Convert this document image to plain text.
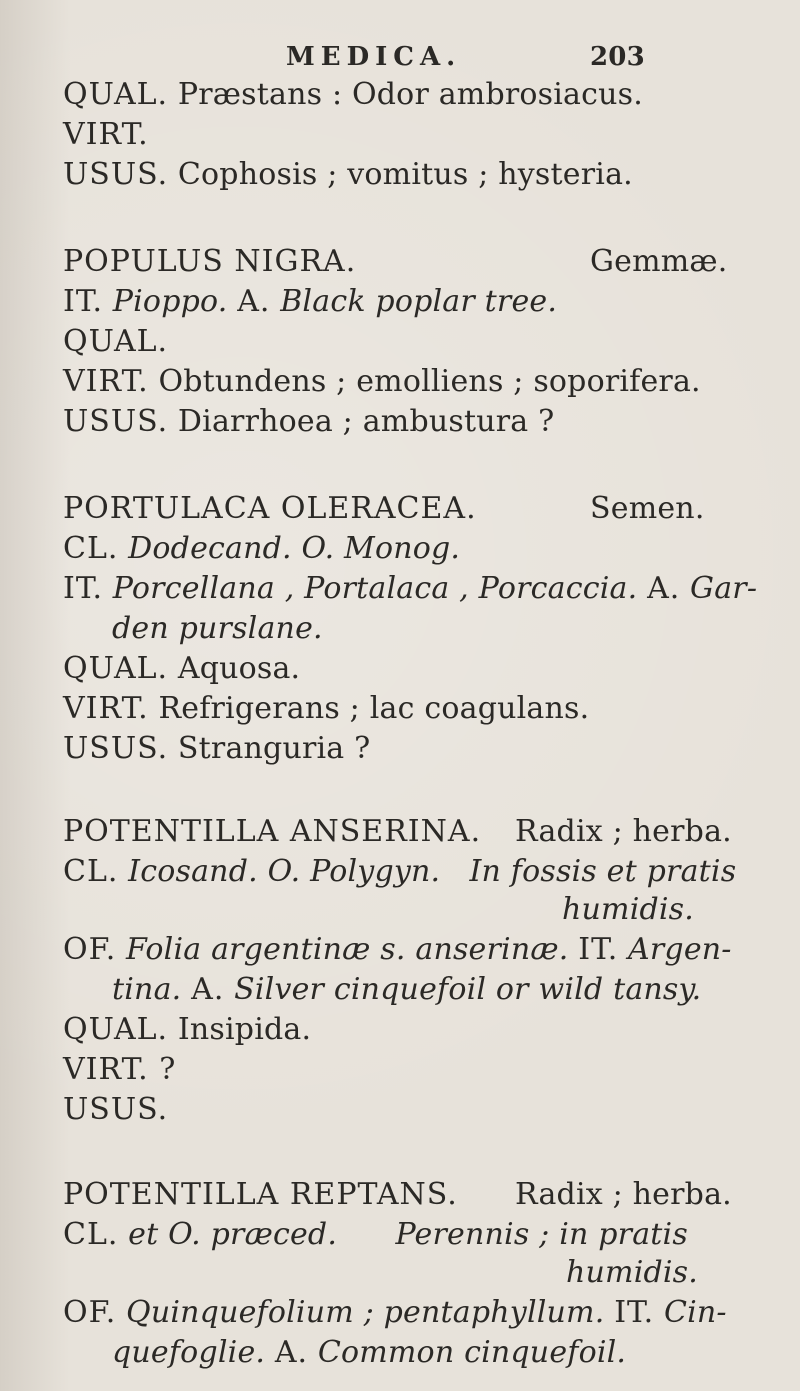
MEDICA.	203
QUAL. Præstans : Odor ambrosiacus.
VIRT.
USUS. Cophosis ; vomitus ; hysteria.
POPULUS NIGRA.	Gemmæ.
IT. Pioppo. A. Black poplar tree.
QUAL.
VIRT. Obtundens ; emolliens ; soporifera.
USUS. Diarrhoea ; ambustura ?
PORTULACA OLERACEA.	Semen.
CL. Dodecand. O. Monog.
IT. Porcellana , Portalaca , Porcaccia. A. Gar-
den purslane.
QUAL. Aquosa.
VIRT. Refrigerans ; lac coagulans.
USUS. Stranguria ?
POTENTILLA ANSERINA. Radix ; herba.
CL. Icosand. O. Polygyn. In fossis et pratis
humidis.
OF. Folia argentinæ s. anserinæ. IT. Argen-
tina. A. Silver cinquefoil or wild tansy.
QUAL. Insipida.
VIRT. ?
USUS.
POTENTILLA REPTANS. Radix ; herba.
CL. et O. præced. Perennis ; in pratis
humidis.
OF. Quinquefolium ; pentaphyllum. IT. Cin-
quefoglie. A. Common cinquefoil.
